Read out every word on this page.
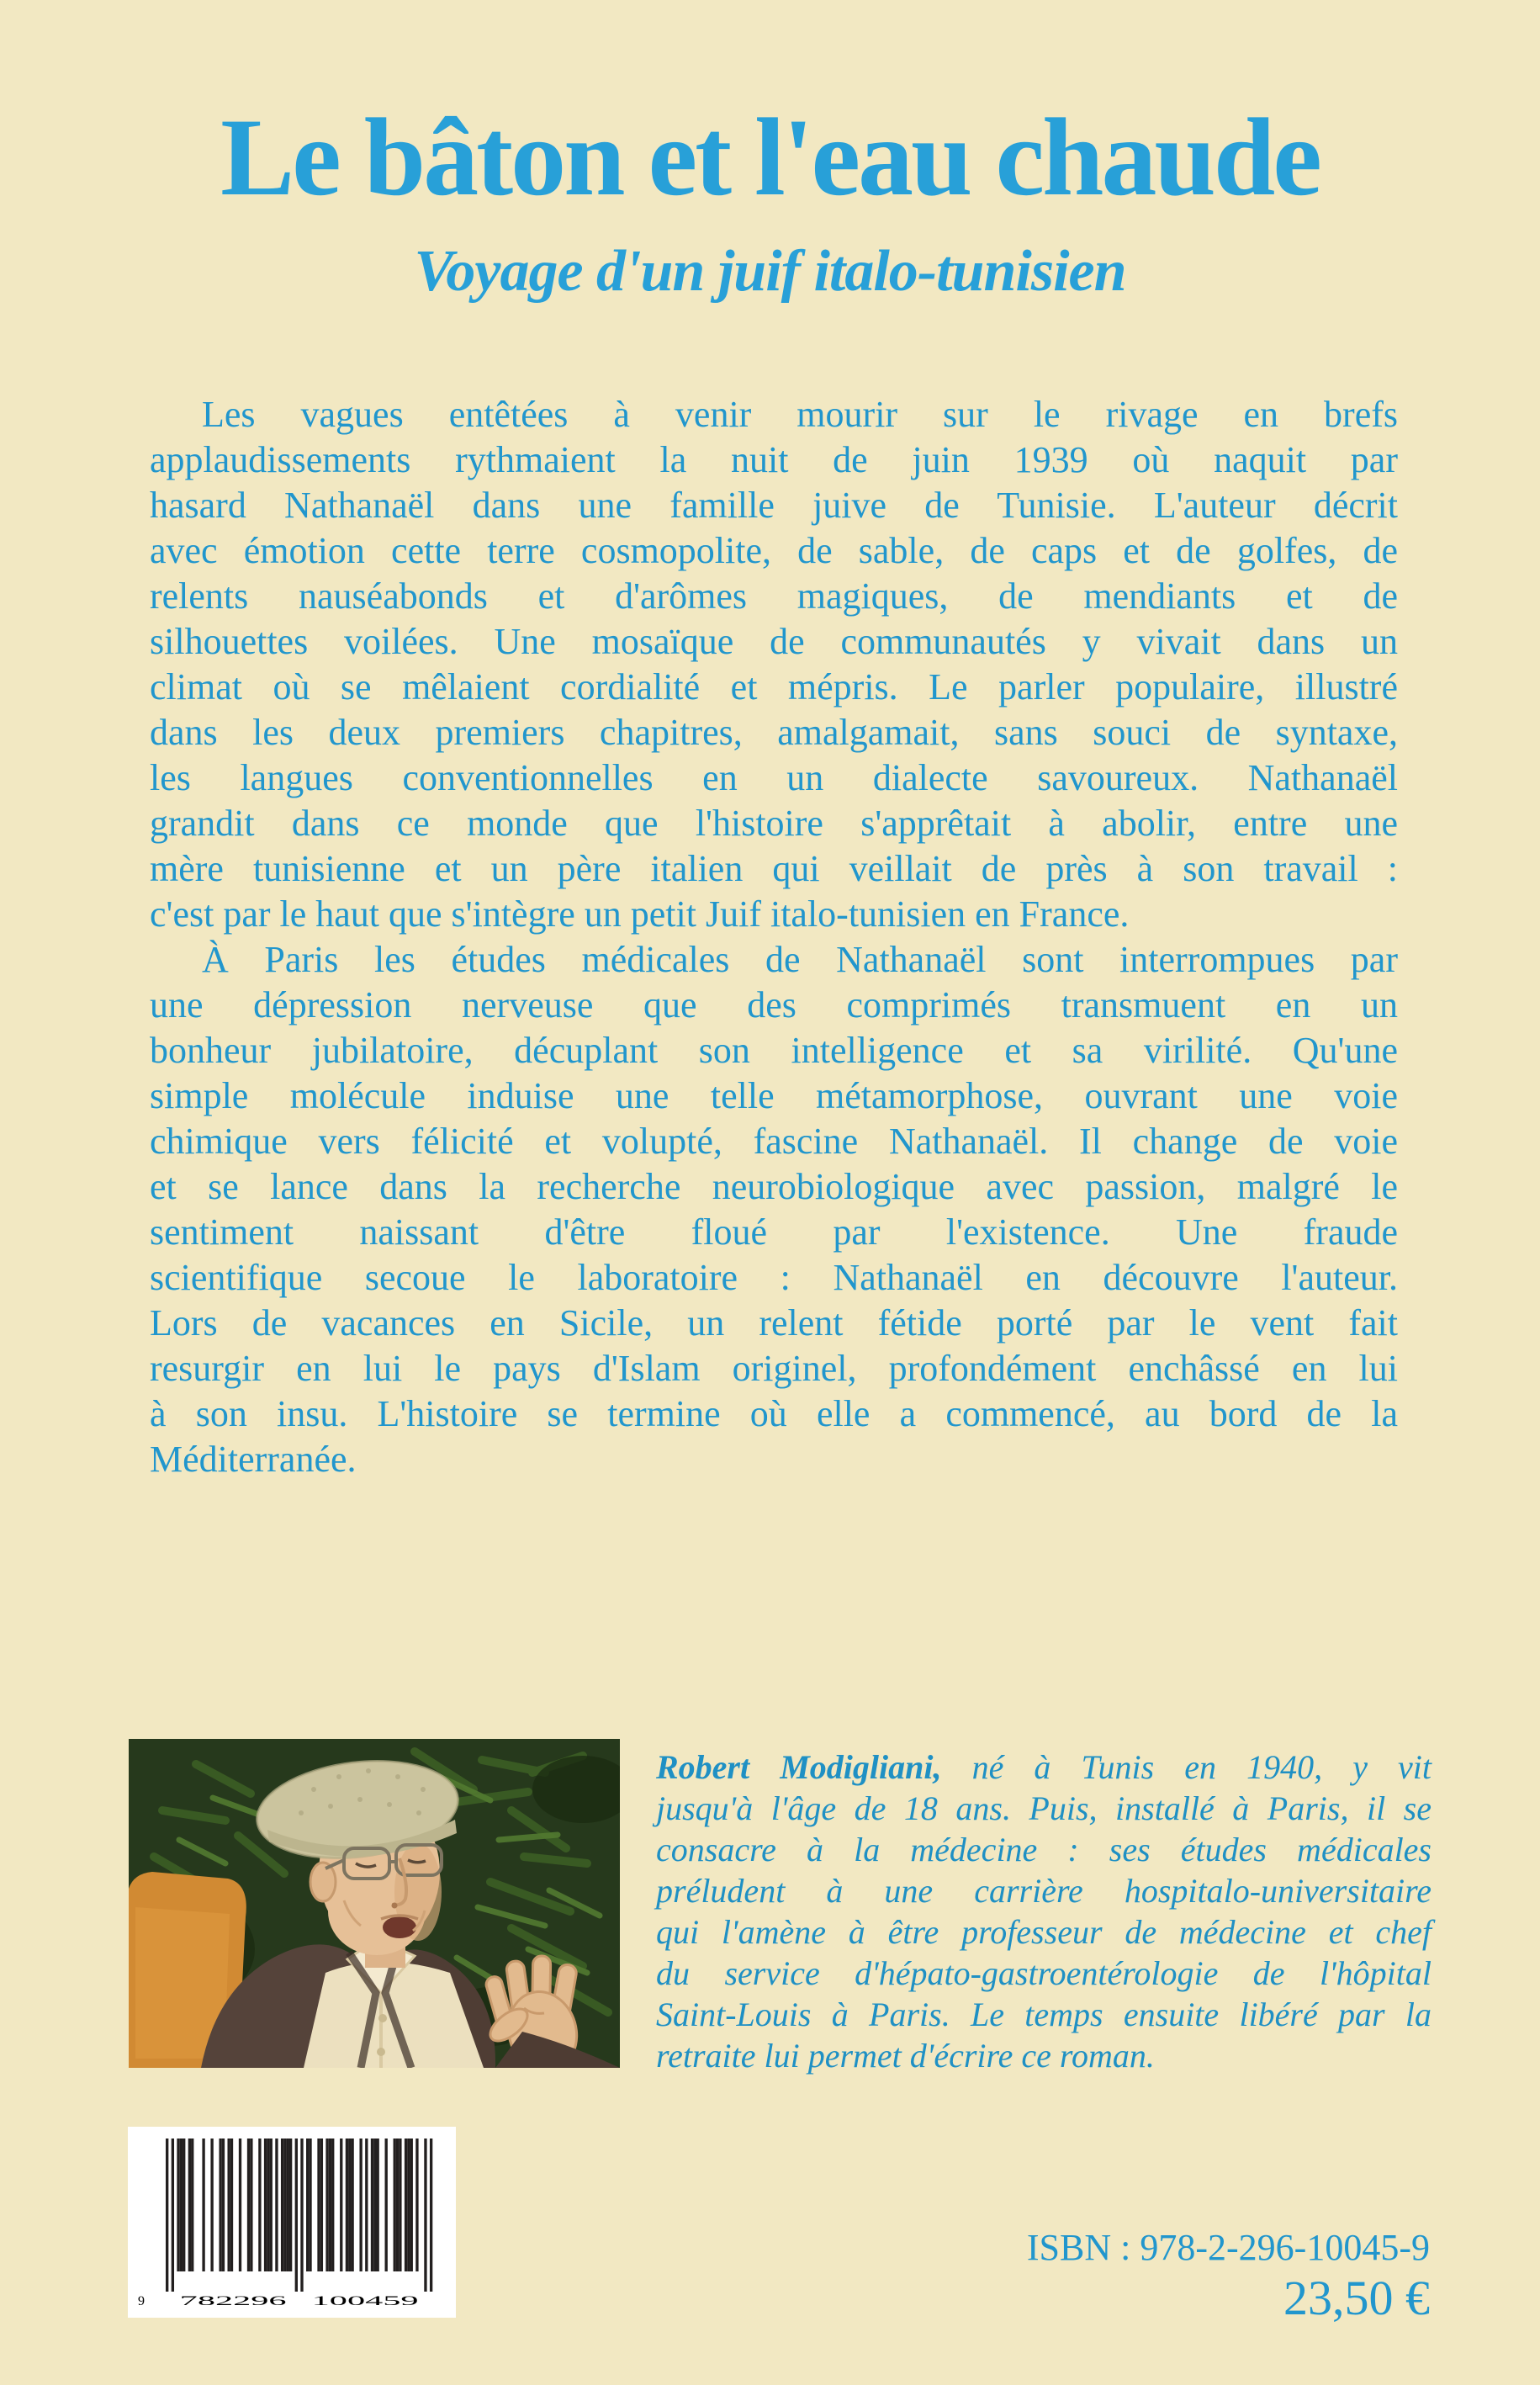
Le bâton et l'eau chaude
Voyage d'un juif italo-tunisien
Les vagues entêtées à venir mourir sur le rivage en brefs
applaudissements rythmaient la nuit de juin 1939 où naquit par
hasard Nathanaël dans une famille juive de Tunisie. L'auteur décrit
avec émotion cette terre cosmopolite, de sable, de caps et de golfes, de
relents nauséabonds et d'arômes magiques, de mendiants et de
silhouettes voilées. Une mosaïque de communautés y vivait dans un
climat où se mêlaient cordialité et mépris. Le parler populaire, illustré
dans les deux premiers chapitres, amalgamait, sans souci de syntaxe,
les langues conventionnelles en un dialecte savoureux. Nathanaël
grandit dans ce monde que l'histoire s'apprêtait à abolir, entre une
mère tunisienne et un père italien qui veillait de près à son travail :
c'est par le haut que s'intègre un petit Juif italo-tunisien en France.
À Paris les études médicales de Nathanaël sont interrompues par
une dépression nerveuse que des comprimés transmuent en un
bonheur jubilatoire, décuplant son intelligence et sa virilité. Qu'une
simple molécule induise une telle métamorphose, ouvrant une voie
chimique vers félicité et volupté, fascine Nathanaël. Il change de voie
et se lance dans la recherche neurobiologique avec passion, malgré le
sentiment naissant d'être floué par l'existence. Une fraude
scientifique secoue le laboratoire : Nathanaël en découvre l'auteur.
Lors de vacances en Sicile, un relent fétide porté par le vent fait
resurgir en lui le pays d'Islam originel, profondément enchâssé en lui
à son insu. L'histoire se termine où elle a commencé, au bord de la
Méditerranée.
Robert Modigliani, né à Tunis en 1940, y vit
jusqu'à l'âge de 18 ans. Puis, installé à Paris, il se
consacre à la médecine : ses études médicales
préludent à une carrière hospitalo-universitaire
qui l'amène à être professeur de médecine et chef
du service d'hépato-gastroentérologie de l'hôpital
Saint-Louis à Paris. Le temps ensuite libéré par la
retraite lui permet d'écrire ce roman.
9	782296 100459
ISBN : 978-2-296-10045-9
23,50 €
